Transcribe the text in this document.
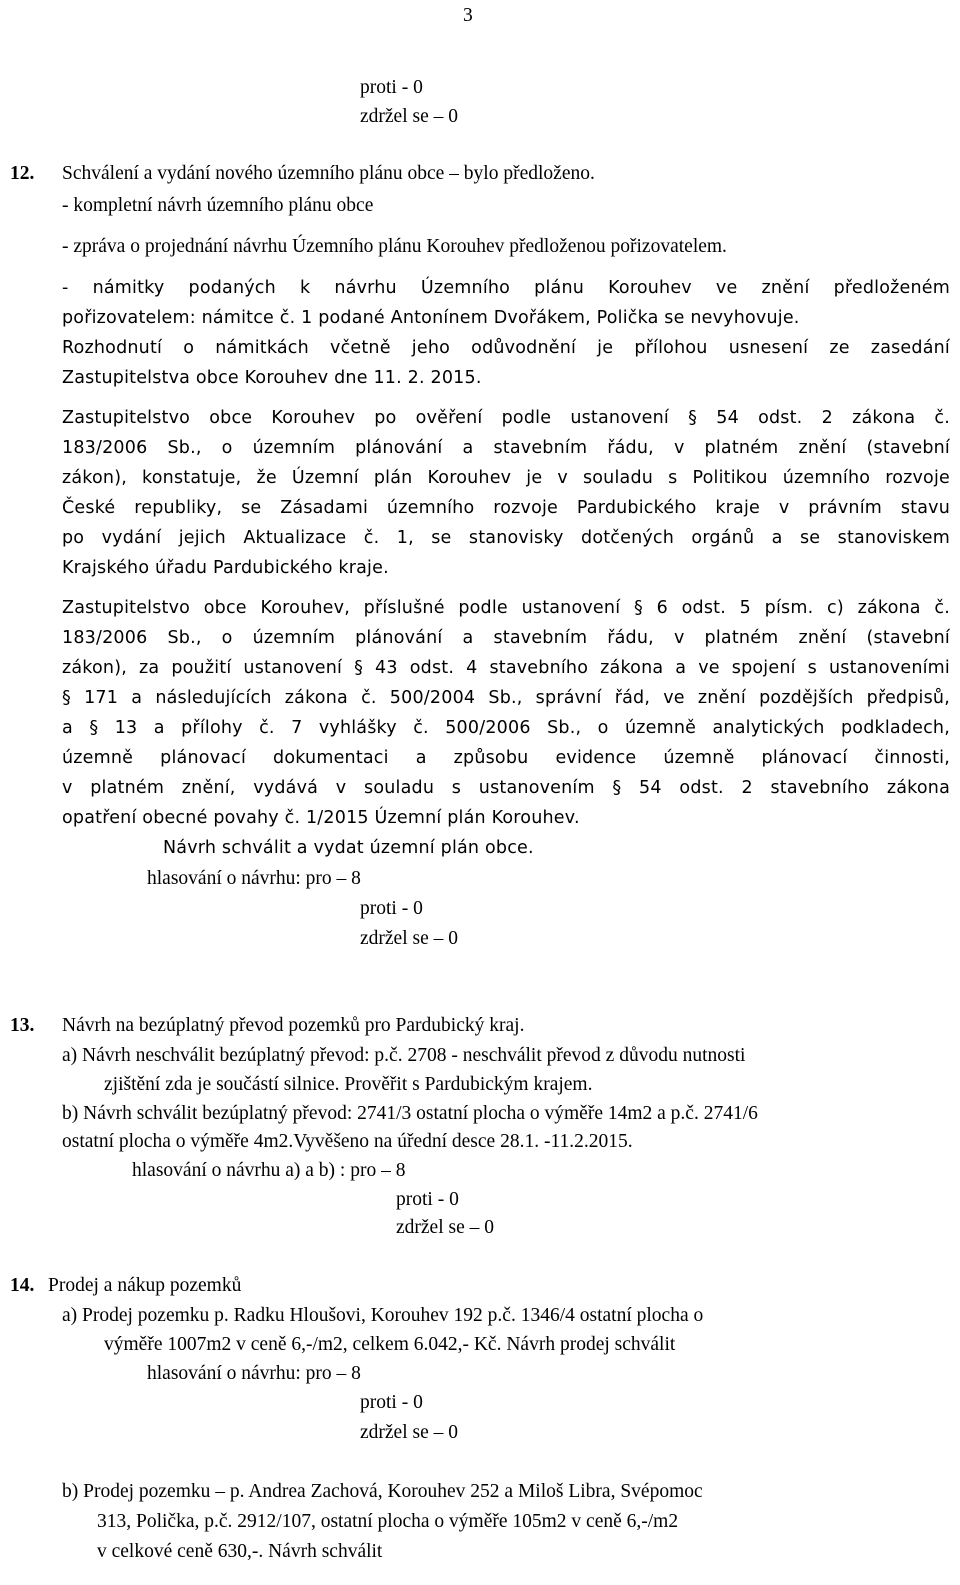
3
proti - 0
zdržel se – 0
12. Schválení a vydání nového územního plánu obce – bylo předloženo.
- kompletní návrh územního plánu obce
- zpráva o projednání návrhu Územního plánu Korouhev předloženou pořizovatelem.
- námitky podaných k návrhu Územního plánu Korouhev ve znění předloženém
pořizovatelem: námitce č. 1 podané Antonínem Dvořákem, Polička se nevyhovuje.
Rozhodnutí o námitkách včetně jeho odůvodnění je přílohou usnesení ze zasedání
Zastupitelstva obce Korouhev dne 11. 2. 2015.
Zastupitelstvo obce Korouhev po ověření podle ustanovení § 54 odst. 2 zákona č.
183/2006 Sb., o územním plánování a stavebním řádu, v platném znění (stavební
zákon), konstatuje, že Územní plán Korouhev je v souladu s Politikou územního rozvoje
České republiky, se Zásadami územního rozvoje Pardubického kraje v právním stavu
po vydání jejich Aktualizace č. 1, se stanovisky dotčených orgánů a se stanoviskem
Krajského úřadu Pardubického kraje.
Zastupitelstvo obce Korouhev, příslušné podle ustanovení § 6 odst. 5 písm. c) zákona č.
183/2006 Sb., o územním plánování a stavebním řádu, v platném znění (stavební
zákon), za použití ustanovení § 43 odst. 4 stavebního zákona a ve spojení s ustanoveními
§ 171 a následujících zákona č. 500/2004 Sb., správní řád, ve znění pozdějších předpisů,
a § 13 a přílohy č. 7 vyhlášky č. 500/2006 Sb., o územně analytických podkladech,
územně plánovací dokumentaci a způsobu evidence územně plánovací činnosti,
v platném znění, vydává v souladu s ustanovením § 54 odst. 2 stavebního zákona
opatření obecné povahy č. 1/2015 Územní plán Korouhev.
Návrh schválit a vydat územní plán obce.
hlasování o návrhu: pro – 8
proti - 0
zdržel se – 0
13. Návrh na bezúplatný převod pozemků pro Pardubický kraj.
a) Návrh neschválit bezúplatný převod: p.č. 2708 - neschválit převod z důvodu nutnosti
zjištění zda je součástí silnice. Prověřit s Pardubickým krajem.
b) Návrh schválit bezúplatný převod: 2741/3 ostatní plocha o výměře 14m2 a p.č. 2741/6
ostatní plocha o výměře 4m2.Vyvěšeno na úřední desce 28.1. -11.2.2015.
hlasování o návrhu a) a b) : pro – 8
proti - 0
zdržel se – 0
14. Prodej a nákup pozemků
a) Prodej pozemku p. Radku Hloušovi, Korouhev 192 p.č. 1346/4 ostatní plocha o
výměře 1007m2 v ceně 6,-/m2, celkem 6.042,- Kč. Návrh prodej schválit
hlasování o návrhu: pro – 8
proti - 0
zdržel se – 0
b) Prodej pozemku – p. Andrea Zachová, Korouhev 252 a Miloš Libra, Svépomoc
313, Polička, p.č. 2912/107, ostatní plocha o výměře 105m2 v ceně 6,-/m2
v celkové ceně 630,-. Návrh schválit
